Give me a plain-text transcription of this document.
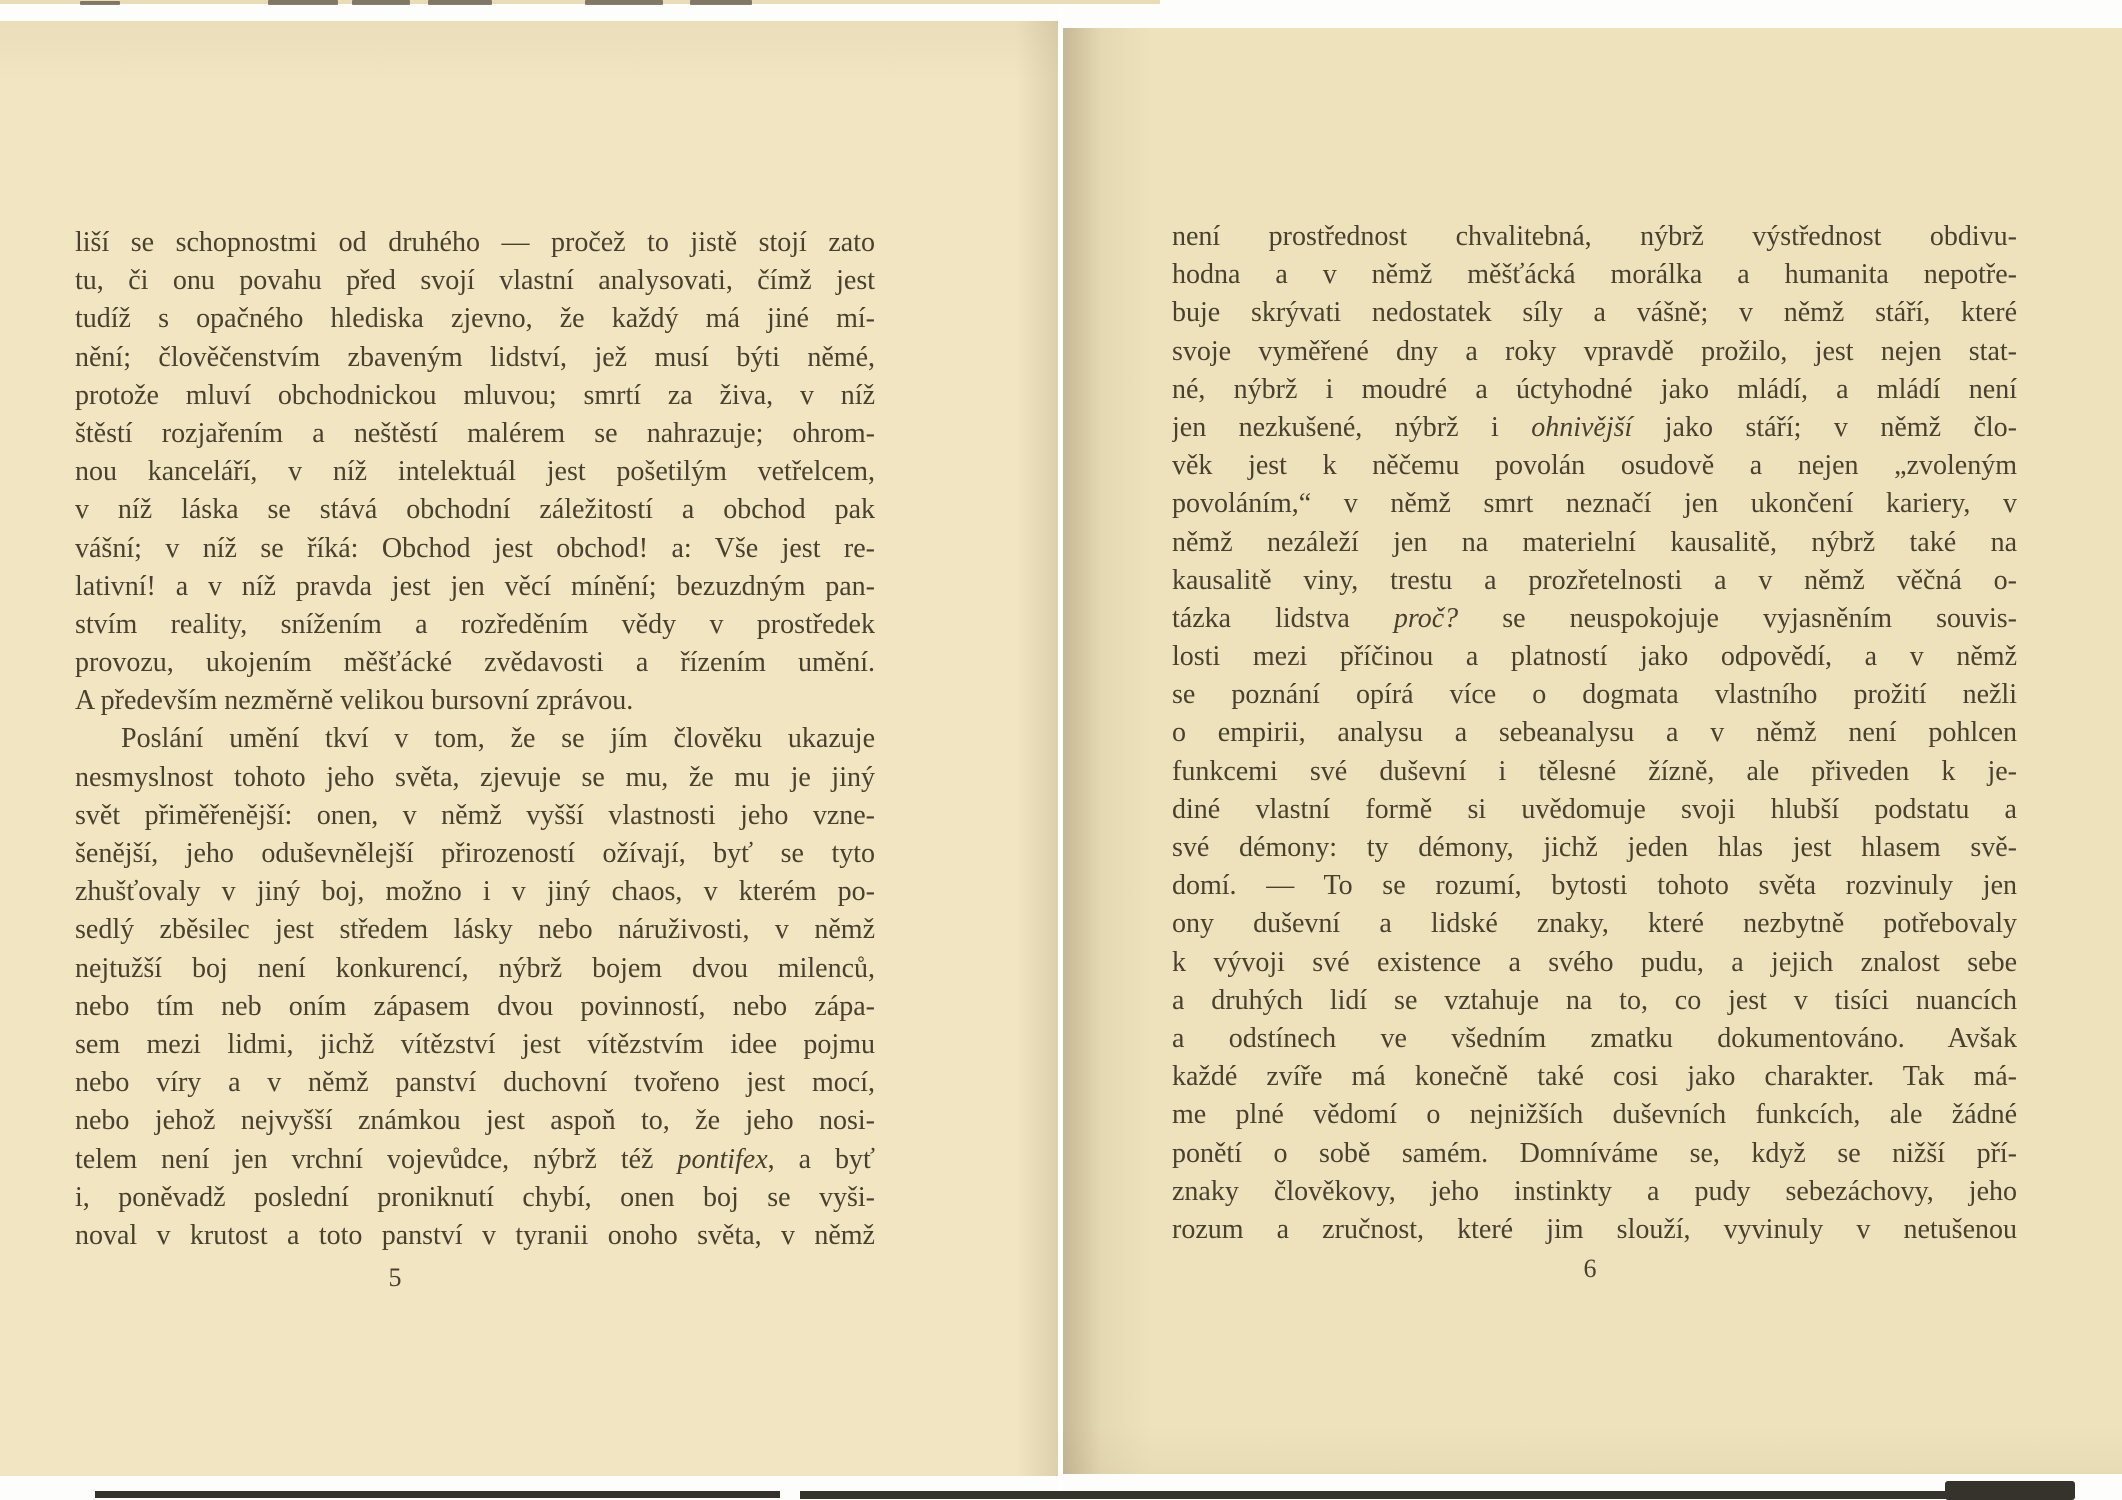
liší se schopnostmi od druhého — pročež to jistě stojí zato
tu, či onu povahu před svojí vlastní analysovati, čímž jest
tudíž s opačného hlediska zjevno, že každý má jiné mí-
nění; člověčenstvím zbaveným lidství, jež musí býti němé,
protože mluví obchodnickou mluvou; smrtí za živa, v níž
štěstí rozjařením a neštěstí malérem se nahrazuje; ohrom-
nou kanceláří, v níž intelektuál jest pošetilým vetřelcem,
v níž láska se stává obchodní záležitostí a obchod pak
vášní; v níž se říká: Obchod jest obchod! a: Vše jest re-
lativní! a v níž pravda jest jen věcí mínění; bezuzdným pan-
stvím reality, snížením a rozředěním vědy v prostředek
provozu, ukojením měšťácké zvědavosti a řízením umění.
A především nezměrně velikou bursovní zprávou.
Poslání umění tkví v tom, že se jím člověku ukazuje
nesmyslnost tohoto jeho světa, zjevuje se mu, že mu je jiný
svět přiměřenější: onen, v němž vyšší vlastnosti jeho vzne-
šenější, jeho oduševnělejší přirozeností ožívají, byť se tyto
zhušťovaly v jiný boj, možno i v jiný chaos, v kterém po-
sedlý zběsilec jest středem lásky nebo náruživosti, v němž
nejtužší boj není konkurencí, nýbrž bojem dvou milenců,
nebo tím neb oním zápasem dvou povinností, nebo zápa-
sem mezi lidmi, jichž vítězství jest vítězstvím idee pojmu
nebo víry a v němž panství duchovní tvořeno jest mocí,
nebo jehož nejvyšší známkou jest aspoň to, že jeho nosi-
telem není jen vrchní vojevůdce, nýbrž též pontifex, a byť
i, poněvadž poslední proniknutí chybí, onen boj se vyši-
noval v krutost a toto panství v tyranii onoho světa, v němž
5
není prostřednost chvalitebná, nýbrž výstřednost obdivu-
hodna a v němž měšťácká morálka a humanita nepotře-
buje skrývati nedostatek síly a vášně; v němž stáří, které
svoje vyměřené dny a roky vpravdě prožilo, jest nejen stat-
né, nýbrž i moudré a úctyhodné jako mládí, a mládí není
jen nezkušené, nýbrž i ohnivější jako stáří; v němž člo-
věk jest k něčemu povolán osudově a nejen „zvoleným
povoláním,“ v němž smrt neznačí jen ukončení kariery, v
němž nezáleží jen na materielní kausalitě, nýbrž také na
kausalitě viny, trestu a prozřetelnosti a v němž věčná o-
tázka lidstva proč? se neuspokojuje vyjasněním souvis-
losti mezi příčinou a platností jako odpovědí, a v němž
se poznání opírá více o dogmata vlastního prožití nežli
o empirii, analysu a sebeanalysu a v němž není pohlcen
funkcemi své duševní i tělesné žízně, ale přiveden k je-
diné vlastní formě si uvědomuje svoji hlubší podstatu a
své démony: ty démony, jichž jeden hlas jest hlasem svě-
domí. — To se rozumí, bytosti tohoto světa rozvinuly jen
ony duševní a lidské znaky, které nezbytně potřebovaly
k vývoji své existence a svého pudu, a jejich znalost sebe
a druhých lidí se vztahuje na to, co jest v tisíci nuancích
a odstínech ve všedním zmatku dokumentováno. Avšak
každé zvíře má konečně také cosi jako charakter. Tak má-
me plné vědomí o nejnižších duševních funkcích, ale žádné
ponětí o sobě samém. Domníváme se, když se nižší pří-
znaky člověkovy, jeho instinkty a pudy sebezáchovy, jeho
rozum a zručnost, které jim slouží, vyvinuly v netušenou
6
